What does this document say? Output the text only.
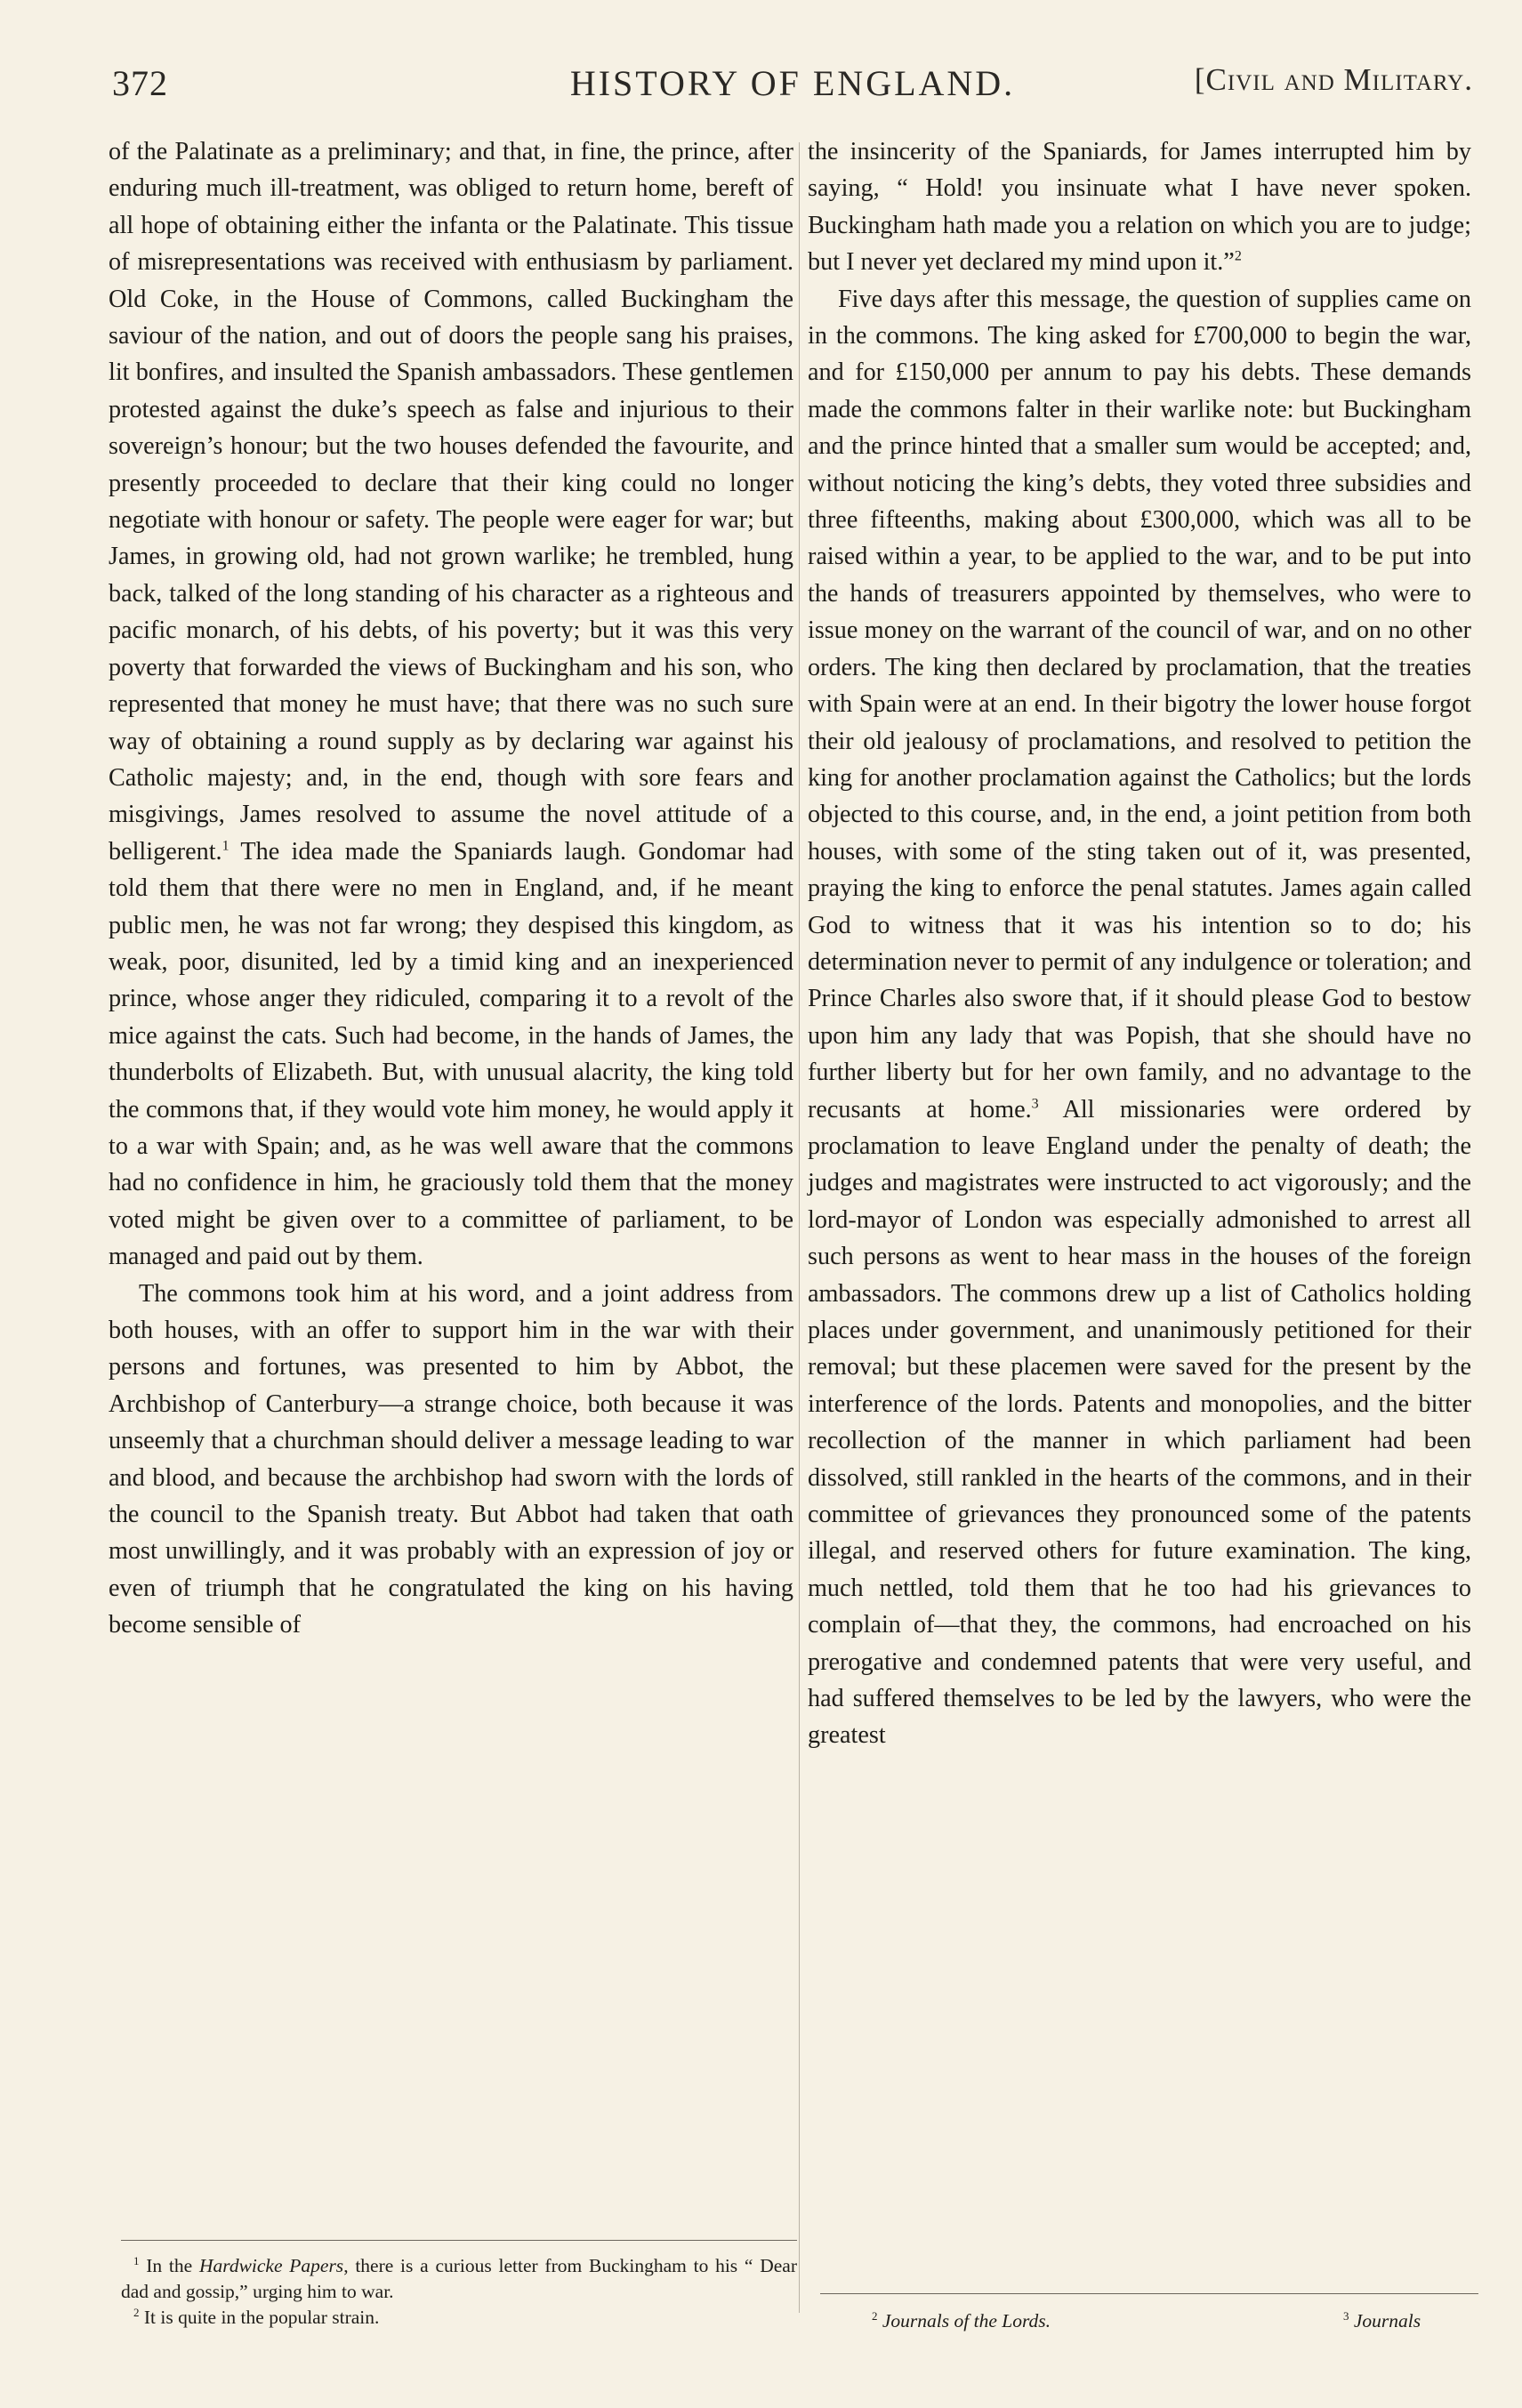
372	HISTORY OF ENGLAND.	[Civil and Military.

of the Palatinate as a preliminary; and that, in fine, the prince, after enduring much ill-treatment, was obliged to return home, bereft of all hope of obtaining either the infanta or the Palatinate. This tissue of misrepresentations was received with enthusiasm by parliament. Old Coke, in the House of Commons, called Buckingham the saviour of the nation, and out of doors the people sang his praises, lit bonfires, and insulted the Spanish ambassadors. These gentlemen protested against the duke’s speech as false and injurious to their sovereign’s honour; but the two houses defended the favourite, and presently proceeded to declare that their king could no longer negotiate with honour or safety. The people were eager for war; but James, in growing old, had not grown warlike; he trembled, hung back, talked of the long standing of his character as a righteous and pacific monarch, of his debts, of his poverty; but it was this very poverty that forwarded the views of Buckingham and his son, who represented that money he must have; that there was no such sure way of obtaining a round supply as by declaring war against his Catholic majesty; and, in the end, though with sore fears and misgivings, James resolved to assume the novel attitude of a belligerent.$^1$ The idea made the Spaniards laugh. Gondomar had told them that there were no men in England, and, if he meant public men, he was not far wrong; they despised this kingdom, as weak, poor, disunited, led by a timid king and an inexperienced prince, whose anger they ridiculed, comparing it to a revolt of the mice against the cats. Such had become, in the hands of James, the thunderbolts of Elizabeth. But, with unusual alacrity, the king told the commons that, if they would vote him money, he would apply it to a war with Spain; and, as he was well aware that the commons had no confidence in him, he graciously told them that the money voted might be given over to a committee of parliament, to be managed and paid out by them.

The commons took him at his word, and a joint address from both houses, with an offer to support him in the war with their persons and fortunes, was presented to him by Abbot, the Archbishop of Canterbury—a strange choice, both because it was unseemly that a churchman should deliver a message leading to war and blood, and because the archbishop had sworn with the lords of the council to the Spanish treaty. But Abbot had taken that oath most unwillingly, and it was probably with an expression of joy or even of triumph that he congratulated the king on his having become sensible of

the insincerity of the Spaniards, for James interrupted him by saying, “ Hold! you insinuate what I have never spoken. Buckingham hath made you a relation on which you are to judge; but I never yet declared my mind upon it.”$^2$

Five days after this message, the question of supplies came on in the commons. The king asked for £700,000 to begin the war, and for £150,000 per annum to pay his debts. These demands made the commons falter in their warlike note: but Buckingham and the prince hinted that a smaller sum would be accepted; and, without noticing the king’s debts, they voted three subsidies and three fifteenths, making about £300,000, which was all to be raised within a year, to be applied to the war, and to be put into the hands of treasurers appointed by themselves, who were to issue money on the warrant of the council of war, and on no other orders. The king then declared by proclamation, that the treaties with Spain were at an end. In their bigotry the lower house forgot their old jealousy of proclamations, and resolved to petition the king for another proclamation against the Catholics; but the lords objected to this course, and, in the end, a joint petition from both houses, with some of the sting taken out of it, was presented, praying the king to enforce the penal statutes. James again called God to witness that it was his intention so to do; his determination never to permit of any indulgence or toleration; and Prince Charles also swore that, if it should please God to bestow upon him any lady that was Popish, that she should have no further liberty but for her own family, and no advantage to the recusants at home.$^3$ All missionaries were ordered by proclamation to leave England under the penalty of death; the judges and magistrates were instructed to act vigorously; and the lord-mayor of London was especially admonished to arrest all such persons as went to hear mass in the houses of the foreign ambassadors. The commons drew up a list of Catholics holding places under government, and unanimously petitioned for their removal; but these placemen were saved for the present by the interference of the lords. Patents and monopolies, and the bitter recollection of the manner in which parliament had been dissolved, still rankled in the hearts of the commons, and in their committee of grievances they pronounced some of the patents illegal, and reserved others for future examination. The king, much nettled, told them that he too had his grievances to complain of—that they, the commons, had encroached on his prerogative and condemned patents that were very useful, and had suffered themselves to be led by the lawyers, who were the greatest

$^1$ In the Hardwicke Papers, there is a curious letter from Buckingham to his “ Dear dad and gossip,” urging him to war.

$^2$ It is quite in the popular strain.	$^2$ Journals of the Lords.	$^3$ Journals
